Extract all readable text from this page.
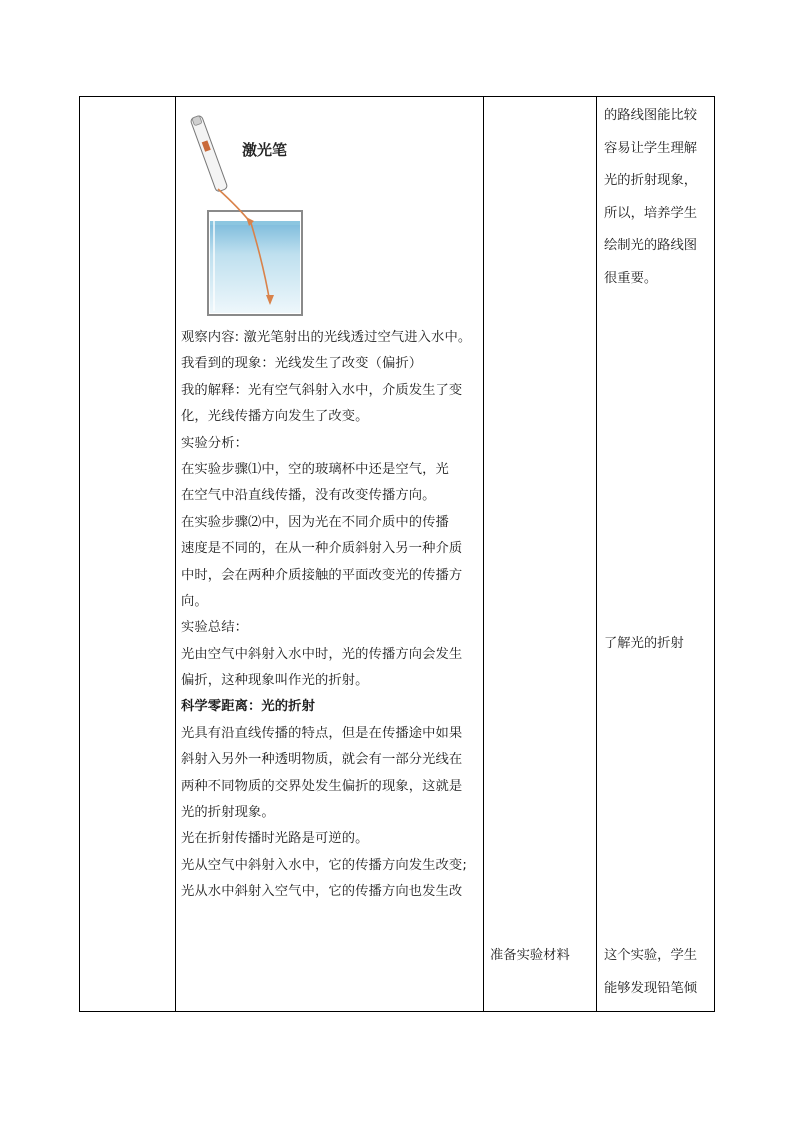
激光笔
观察内容: 激光笔射出的光线透过空气进入水中。
我看到的现象：光线发生了改变（偏折）
我的解释：光有空气斜射入水中，介质发生了变
化，光线传播方向发生了改变。
实验分析：
在实验步骤⑴中，空的玻璃杯中还是空气，光
在空气中沿直线传播，没有改变传播方向。
在实验步骤⑵中，因为光在不同介质中的传播
速度是不同的，在从一种介质斜射入另一种介质
中时，会在两种介质接触的平面改变光的传播方
向。
实验总结：
光由空气中斜射入水中时，光的传播方向会发生
偏折，这种现象叫作光的折射。
科学零距离：光的折射
光具有沿直线传播的特点，但是在传播途中如果
斜射入另外一种透明物质，就会有一部分光线在
两种不同物质的交界处发生偏折的现象，这就是
光的折射现象。
光在折射传播时光路是可逆的。
光从空气中斜射入水中，它的传播方向发生改变;
光从水中斜射入空气中，它的传播方向也发生改
准备实验材料
的路线图能比较
容易让学生理解
光的折射现象，
所以，培养学生
绘制光的路线图
很重要。
了解光的折射
这个实验，学生
能够发现铅笔倾
